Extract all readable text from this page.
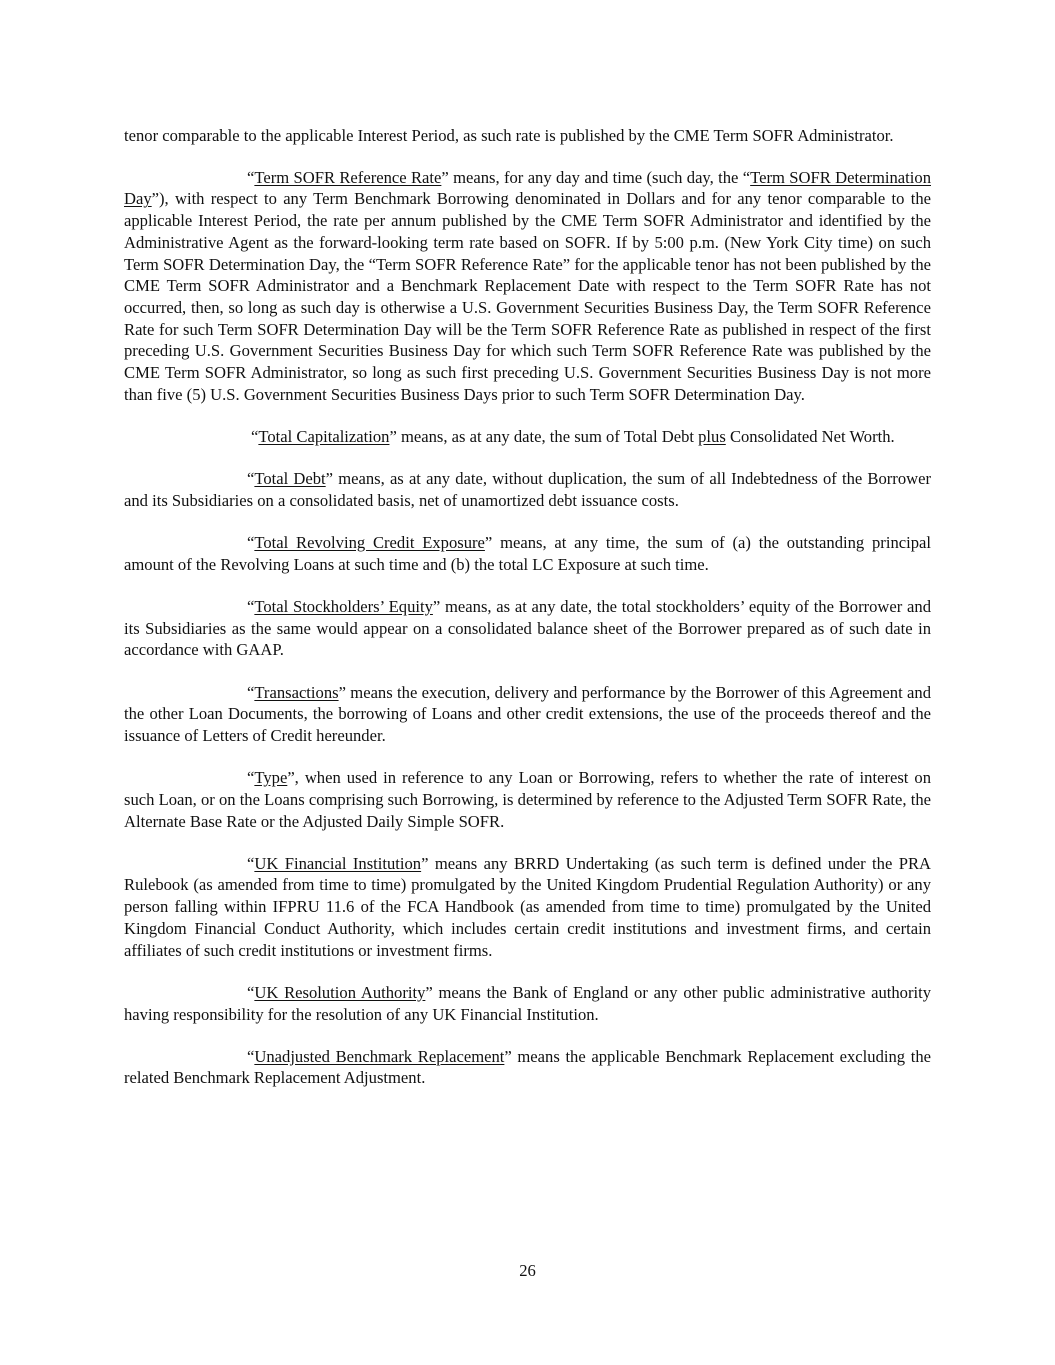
tenor comparable to the applicable Interest Period, as such rate is published by the CME Term SOFR Administrator.

“Term SOFR Reference Rate” means, for any day and time (such day, the “Term SOFR Determination Day”), with respect to any Term Benchmark Borrowing denominated in Dollars and for any tenor comparable to the applicable Interest Period, the rate per annum published by the CME Term SOFR Administrator and identified by the Administrative Agent as the forward-looking term rate based on SOFR. If by 5:00 p.m. (New York City time) on such Term SOFR Determination Day, the “Term SOFR Reference Rate” for the applicable tenor has not been published by the CME Term SOFR Administrator and a Benchmark Replacement Date with respect to the Term SOFR Rate has not occurred, then, so long as such day is otherwise a U.S. Government Securities Business Day, the Term SOFR Reference Rate for such Term SOFR Determination Day will be the Term SOFR Reference Rate as published in respect of the first preceding U.S. Government Securities Business Day for which such Term SOFR Reference Rate was published by the CME Term SOFR Administrator, so long as such first preceding U.S. Government Securities Business Day is not more than five (5) U.S. Government Securities Business Days prior to such Term SOFR Determination Day.

“Total Capitalization” means, as at any date, the sum of Total Debt plus Consolidated Net Worth.

“Total Debt” means, as at any date, without duplication, the sum of all Indebtedness of the Borrower and its Subsidiaries on a consolidated basis, net of unamortized debt issuance costs.

“Total Revolving Credit Exposure” means, at any time, the sum of (a) the outstanding principal amount of the Revolving Loans at such time and (b) the total LC Exposure at such time.

“Total Stockholders’ Equity” means, as at any date, the total stockholders’ equity of the Borrower and its Subsidiaries as the same would appear on a consolidated balance sheet of the Borrower prepared as of such date in accordance with GAAP.

“Transactions” means the execution, delivery and performance by the Borrower of this Agreement and the other Loan Documents, the borrowing of Loans and other credit extensions, the use of the proceeds thereof and the issuance of Letters of Credit hereunder.

“Type”, when used in reference to any Loan or Borrowing, refers to whether the rate of interest on such Loan, or on the Loans comprising such Borrowing, is determined by reference to the Adjusted Term SOFR Rate, the Alternate Base Rate or the Adjusted Daily Simple SOFR.

“UK Financial Institution” means any BRRD Undertaking (as such term is defined under the PRA Rulebook (as amended from time to time) promulgated by the United Kingdom Prudential Regulation Authority) or any person falling within IFPRU 11.6 of the FCA Handbook (as amended from time to time) promulgated by the United Kingdom Financial Conduct Authority, which includes certain credit institutions and investment firms, and certain affiliates of such credit institutions or investment firms.

“UK Resolution Authority” means the Bank of England or any other public administrative authority having responsibility for the resolution of any UK Financial Institution.

“Unadjusted Benchmark Replacement” means the applicable Benchmark Replacement excluding the related Benchmark Replacement Adjustment.

26
